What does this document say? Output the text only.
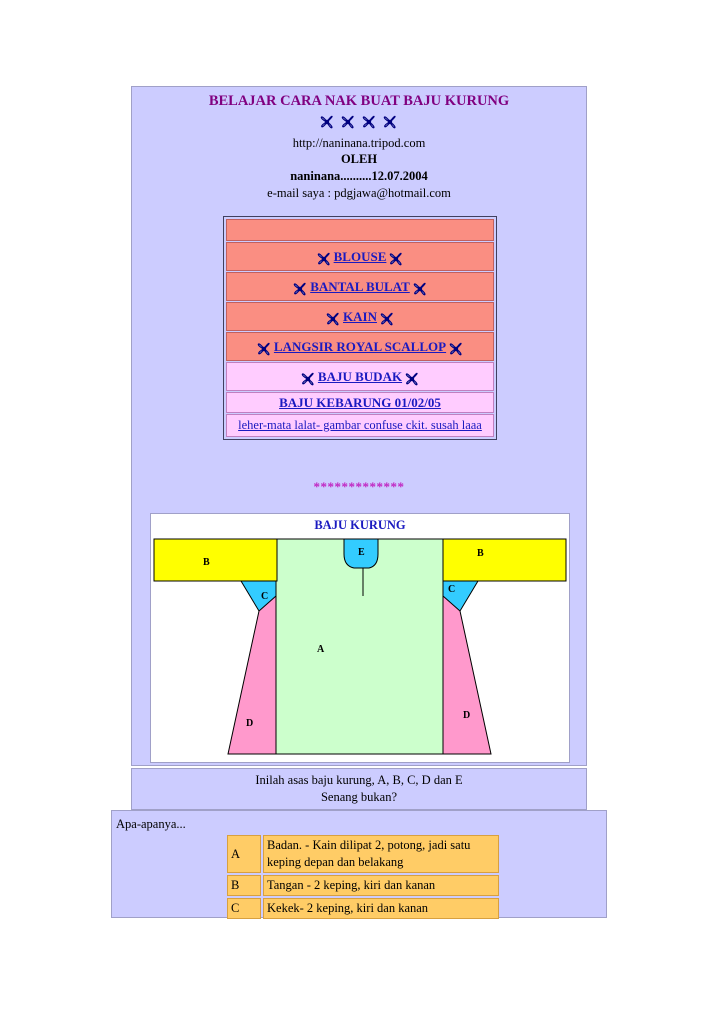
BELAJAR CARA NAK BUAT BAJU KURUNG
http://naninana.tripod.com
OLEH
naninana..........12.07.2004
e-mail saya : pdgjawa@hotmail.com
BLOUSE
BANTAL BULAT
KAIN
LANGSIR ROYAL SCALLOP
BAJU BUDAK
BAJU KEBARUNG 01/02/05
leher-mata lalat- gambar confuse ckit. susah laaa
*************
BAJU KURUNG
E
B
B
C
C
A
D
D
Inilah asas baju kurung, A, B, C, D dan E
Senang bukan?
Apa-apanya...
A	Badan. - Kain dilipat 2, potong, jadi satu keping depan dan belakang
B	Tangan - 2 keping, kiri dan kanan
C	Kekek- 2 keping, kiri dan kanan
